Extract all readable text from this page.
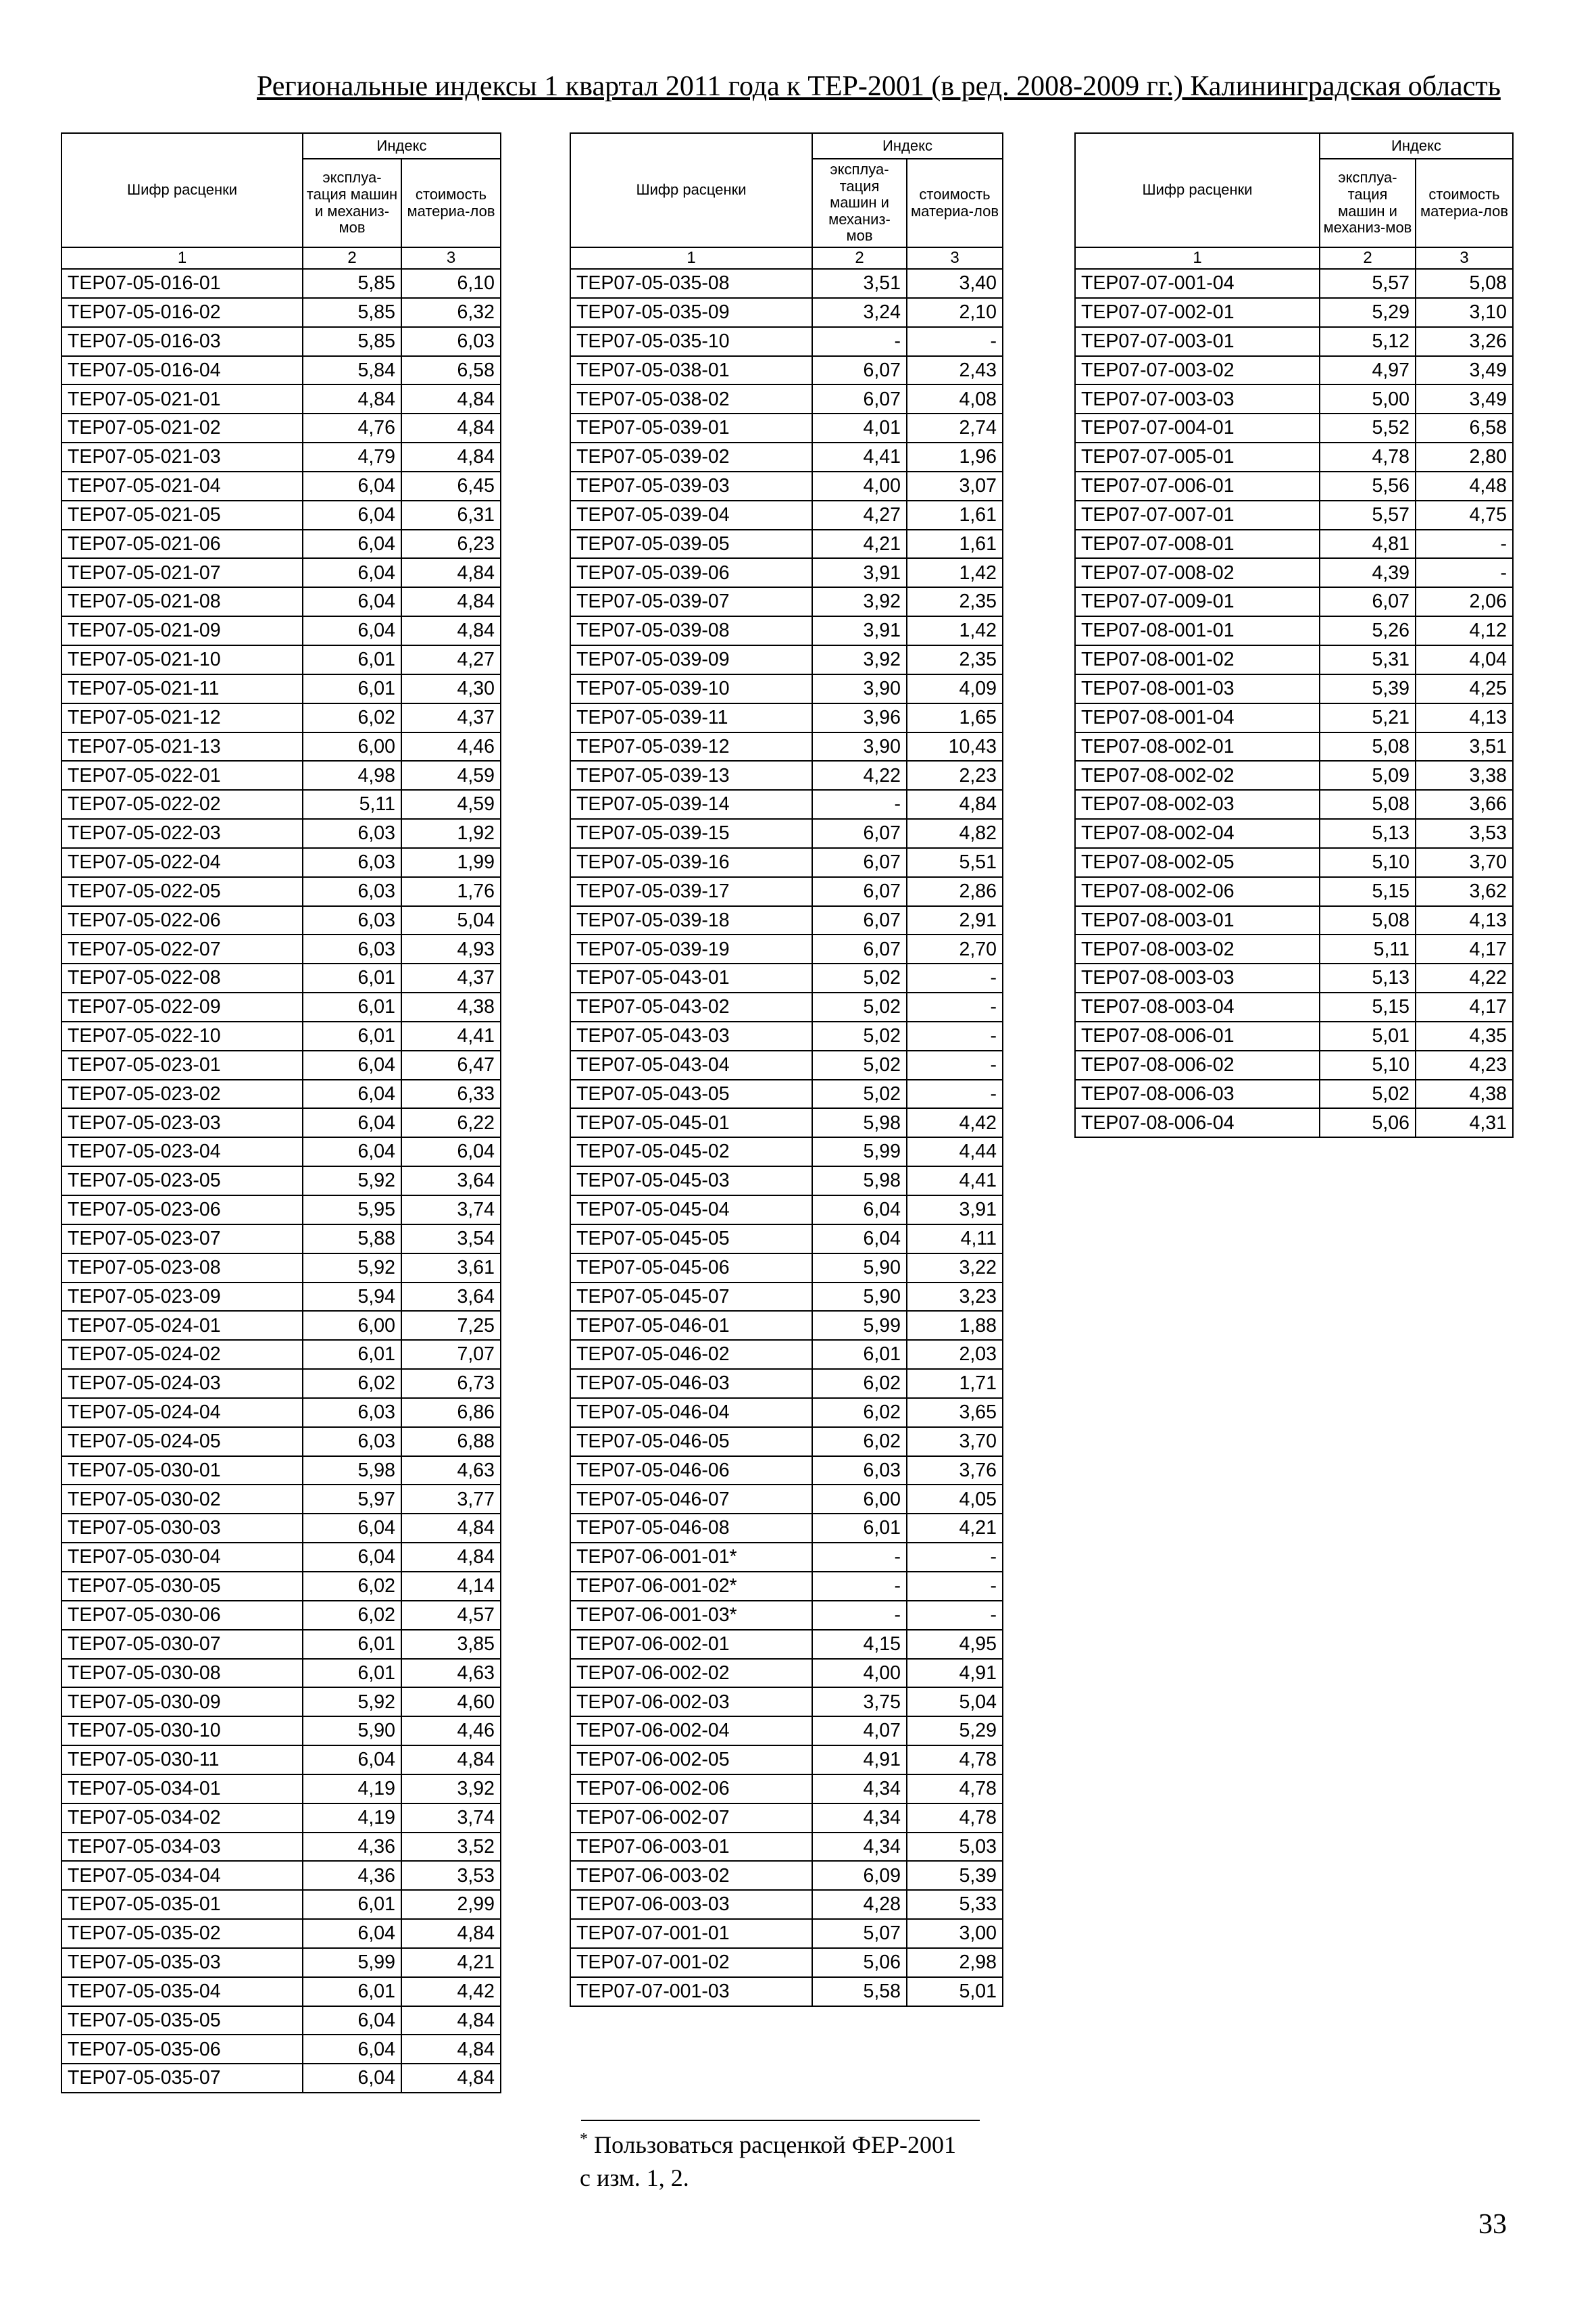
Региональные индексы 1 квартал 2011 года к ТЕР-2001 (в ред. 2008-2009 гг.) Калининградская область
Шифр расценки	Индекс	
	эксплуа-тация машин и механиз-мов	стоимость материа-лов
1	2	3
ТЕР07-05-016-01	5,85	6,10
ТЕР07-05-016-02	5,85	6,32
ТЕР07-05-016-03	5,85	6,03
ТЕР07-05-016-04	5,84	6,58
ТЕР07-05-021-01	4,84	4,84
ТЕР07-05-021-02	4,76	4,84
ТЕР07-05-021-03	4,79	4,84
ТЕР07-05-021-04	6,04	6,45
ТЕР07-05-021-05	6,04	6,31
ТЕР07-05-021-06	6,04	6,23
ТЕР07-05-021-07	6,04	4,84
ТЕР07-05-021-08	6,04	4,84
ТЕР07-05-021-09	6,04	4,84
ТЕР07-05-021-10	6,01	4,27
ТЕР07-05-021-11	6,01	4,30
ТЕР07-05-021-12	6,02	4,37
ТЕР07-05-021-13	6,00	4,46
ТЕР07-05-022-01	4,98	4,59
ТЕР07-05-022-02	5,11	4,59
ТЕР07-05-022-03	6,03	1,92
ТЕР07-05-022-04	6,03	1,99
ТЕР07-05-022-05	6,03	1,76
ТЕР07-05-022-06	6,03	5,04
ТЕР07-05-022-07	6,03	4,93
ТЕР07-05-022-08	6,01	4,37
ТЕР07-05-022-09	6,01	4,38
ТЕР07-05-022-10	6,01	4,41
ТЕР07-05-023-01	6,04	6,47
ТЕР07-05-023-02	6,04	6,33
ТЕР07-05-023-03	6,04	6,22
ТЕР07-05-023-04	6,04	6,04
ТЕР07-05-023-05	5,92	3,64
ТЕР07-05-023-06	5,95	3,74
ТЕР07-05-023-07	5,88	3,54
ТЕР07-05-023-08	5,92	3,61
ТЕР07-05-023-09	5,94	3,64
ТЕР07-05-024-01	6,00	7,25
ТЕР07-05-024-02	6,01	7,07
ТЕР07-05-024-03	6,02	6,73
ТЕР07-05-024-04	6,03	6,86
ТЕР07-05-024-05	6,03	6,88
ТЕР07-05-030-01	5,98	4,63
ТЕР07-05-030-02	5,97	3,77
ТЕР07-05-030-03	6,04	4,84
ТЕР07-05-030-04	6,04	4,84
ТЕР07-05-030-05	6,02	4,14
ТЕР07-05-030-06	6,02	4,57
ТЕР07-05-030-07	6,01	3,85
ТЕР07-05-030-08	6,01	4,63
ТЕР07-05-030-09	5,92	4,60
ТЕР07-05-030-10	5,90	4,46
ТЕР07-05-030-11	6,04	4,84
ТЕР07-05-034-01	4,19	3,92
ТЕР07-05-034-02	4,19	3,74
ТЕР07-05-034-03	4,36	3,52
ТЕР07-05-034-04	4,36	3,53
ТЕР07-05-035-01	6,01	2,99
ТЕР07-05-035-02	6,04	4,84
ТЕР07-05-035-03	5,99	4,21
ТЕР07-05-035-04	6,01	4,42
ТЕР07-05-035-05	6,04	4,84
ТЕР07-05-035-06	6,04	4,84
ТЕР07-05-035-07	6,04	4,84
Шифр расценки	Индекс	
	эксплуа-тация машин и механиз-мов	стоимость материа-лов
1	2	3
ТЕР07-05-035-08	3,51	3,40
ТЕР07-05-035-09	3,24	2,10
ТЕР07-05-035-10	-	-
ТЕР07-05-038-01	6,07	2,43
ТЕР07-05-038-02	6,07	4,08
ТЕР07-05-039-01	4,01	2,74
ТЕР07-05-039-02	4,41	1,96
ТЕР07-05-039-03	4,00	3,07
ТЕР07-05-039-04	4,27	1,61
ТЕР07-05-039-05	4,21	1,61
ТЕР07-05-039-06	3,91	1,42
ТЕР07-05-039-07	3,92	2,35
ТЕР07-05-039-08	3,91	1,42
ТЕР07-05-039-09	3,92	2,35
ТЕР07-05-039-10	3,90	4,09
ТЕР07-05-039-11	3,96	1,65
ТЕР07-05-039-12	3,90	10,43
ТЕР07-05-039-13	4,22	2,23
ТЕР07-05-039-14	-	4,84
ТЕР07-05-039-15	6,07	4,82
ТЕР07-05-039-16	6,07	5,51
ТЕР07-05-039-17	6,07	2,86
ТЕР07-05-039-18	6,07	2,91
ТЕР07-05-039-19	6,07	2,70
ТЕР07-05-043-01	5,02	-
ТЕР07-05-043-02	5,02	-
ТЕР07-05-043-03	5,02	-
ТЕР07-05-043-04	5,02	-
ТЕР07-05-043-05	5,02	-
ТЕР07-05-045-01	5,98	4,42
ТЕР07-05-045-02	5,99	4,44
ТЕР07-05-045-03	5,98	4,41
ТЕР07-05-045-04	6,04	3,91
ТЕР07-05-045-05	6,04	4,11
ТЕР07-05-045-06	5,90	3,22
ТЕР07-05-045-07	5,90	3,23
ТЕР07-05-046-01	5,99	1,88
ТЕР07-05-046-02	6,01	2,03
ТЕР07-05-046-03	6,02	1,71
ТЕР07-05-046-04	6,02	3,65
ТЕР07-05-046-05	6,02	3,70
ТЕР07-05-046-06	6,03	3,76
ТЕР07-05-046-07	6,00	4,05
ТЕР07-05-046-08	6,01	4,21
ТЕР07-06-001-01*	-	-
ТЕР07-06-001-02*	-	-
ТЕР07-06-001-03*	-	-
ТЕР07-06-002-01	4,15	4,95
ТЕР07-06-002-02	4,00	4,91
ТЕР07-06-002-03	3,75	5,04
ТЕР07-06-002-04	4,07	5,29
ТЕР07-06-002-05	4,91	4,78
ТЕР07-06-002-06	4,34	4,78
ТЕР07-06-002-07	4,34	4,78
ТЕР07-06-003-01	4,34	5,03
ТЕР07-06-003-02	6,09	5,39
ТЕР07-06-003-03	4,28	5,33
ТЕР07-07-001-01	5,07	3,00
ТЕР07-07-001-02	5,06	2,98
ТЕР07-07-001-03	5,58	5,01
Шифр расценки	Индекс	
	эксплуа-тация машин и механиз-мов	стоимость материа-лов
1	2	3
ТЕР07-07-001-04	5,57	5,08
ТЕР07-07-002-01	5,29	3,10
ТЕР07-07-003-01	5,12	3,26
ТЕР07-07-003-02	4,97	3,49
ТЕР07-07-003-03	5,00	3,49
ТЕР07-07-004-01	5,52	6,58
ТЕР07-07-005-01	4,78	2,80
ТЕР07-07-006-01	5,56	4,48
ТЕР07-07-007-01	5,57	4,75
ТЕР07-07-008-01	4,81	-
ТЕР07-07-008-02	4,39	-
ТЕР07-07-009-01	6,07	2,06
ТЕР07-08-001-01	5,26	4,12
ТЕР07-08-001-02	5,31	4,04
ТЕР07-08-001-03	5,39	4,25
ТЕР07-08-001-04	5,21	4,13
ТЕР07-08-002-01	5,08	3,51
ТЕР07-08-002-02	5,09	3,38
ТЕР07-08-002-03	5,08	3,66
ТЕР07-08-002-04	5,13	3,53
ТЕР07-08-002-05	5,10	3,70
ТЕР07-08-002-06	5,15	3,62
ТЕР07-08-003-01	5,08	4,13
ТЕР07-08-003-02	5,11	4,17
ТЕР07-08-003-03	5,13	4,22
ТЕР07-08-003-04	5,15	4,17
ТЕР07-08-006-01	5,01	4,35
ТЕР07-08-006-02	5,10	4,23
ТЕР07-08-006-03	5,02	4,38
ТЕР07-08-006-04	5,06	4,31
* Пользоваться расценкой ФЕР-2001
с изм. 1, 2.
33
